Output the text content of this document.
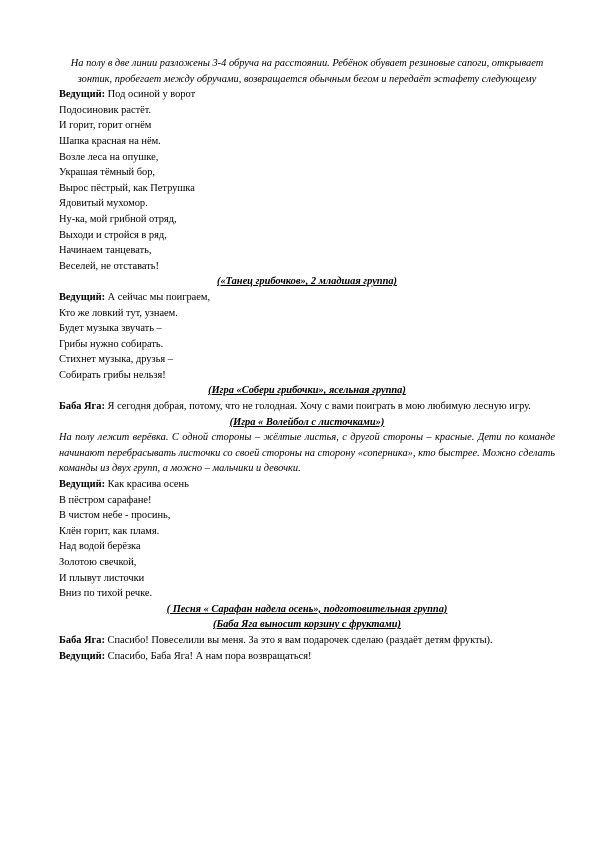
На полу в две линии разложены 3-4 обруча на расстоянии. Ребёнок обувает резиновые сапоги, открывает зонтик, пробегает между обручами, возвращается обычным бегом и передаёт эстафету следующему

Ведущий: Под осиной у ворот
Подосиновик растёт.
И горит, горит огнём
Шапка красная на нём.
Возле леса на опушке,
Украшая тёмный бор,
Вырос пёстрый, как Петрушка
Ядовитый мухомор.
Ну-ка, мой грибной отряд,
Выходи и стройся в ряд,
Начинаем танцевать,
Веселей, не отставать!
(«Танец грибочков», 2 младшая группа)
Ведущий: А сейчас мы поиграем,
Кто же ловкий тут, узнаем.
Будет музыка звучать –
Грибы нужно собирать.
Стихнет музыка, друзья –
Собирать грибы нельзя!
(Игра «Собери грибочки», ясельная группа)

Баба Яга: Я сегодня добрая, потому, что не голодная. Хочу с вами поиграть в мою любимую лесную игру.

(Игра « Волейбол с листочками»)

На полу лежит верёвка. С одной стороны – жёлтые листья, с другой стороны – красные. Дети по команде начинают перебрасывать листочки со своей стороны на сторону «соперника», кто быстрее. Можно сделать команды из двух групп, а можно – мальчики и девочки.

Ведущий: Как красива осень
В пёстром сарафане!
В чистом небе - просинь,
Клён горит, как пламя.
Над водой берёзка
Золотою свечкой,
И плывут листочки
Вниз по тихой речке.
( Песня « Сарафан надела осень», подготовительная группа)
(Баба Яга выносит корзину с фруктами)

Баба Яга: Спасибо! Повеселили вы меня. За это я вам подарочек сделаю (раздаёт детям фрукты).

Ведущий: Спасибо, Баба Яга! А нам пора возвращаться!
